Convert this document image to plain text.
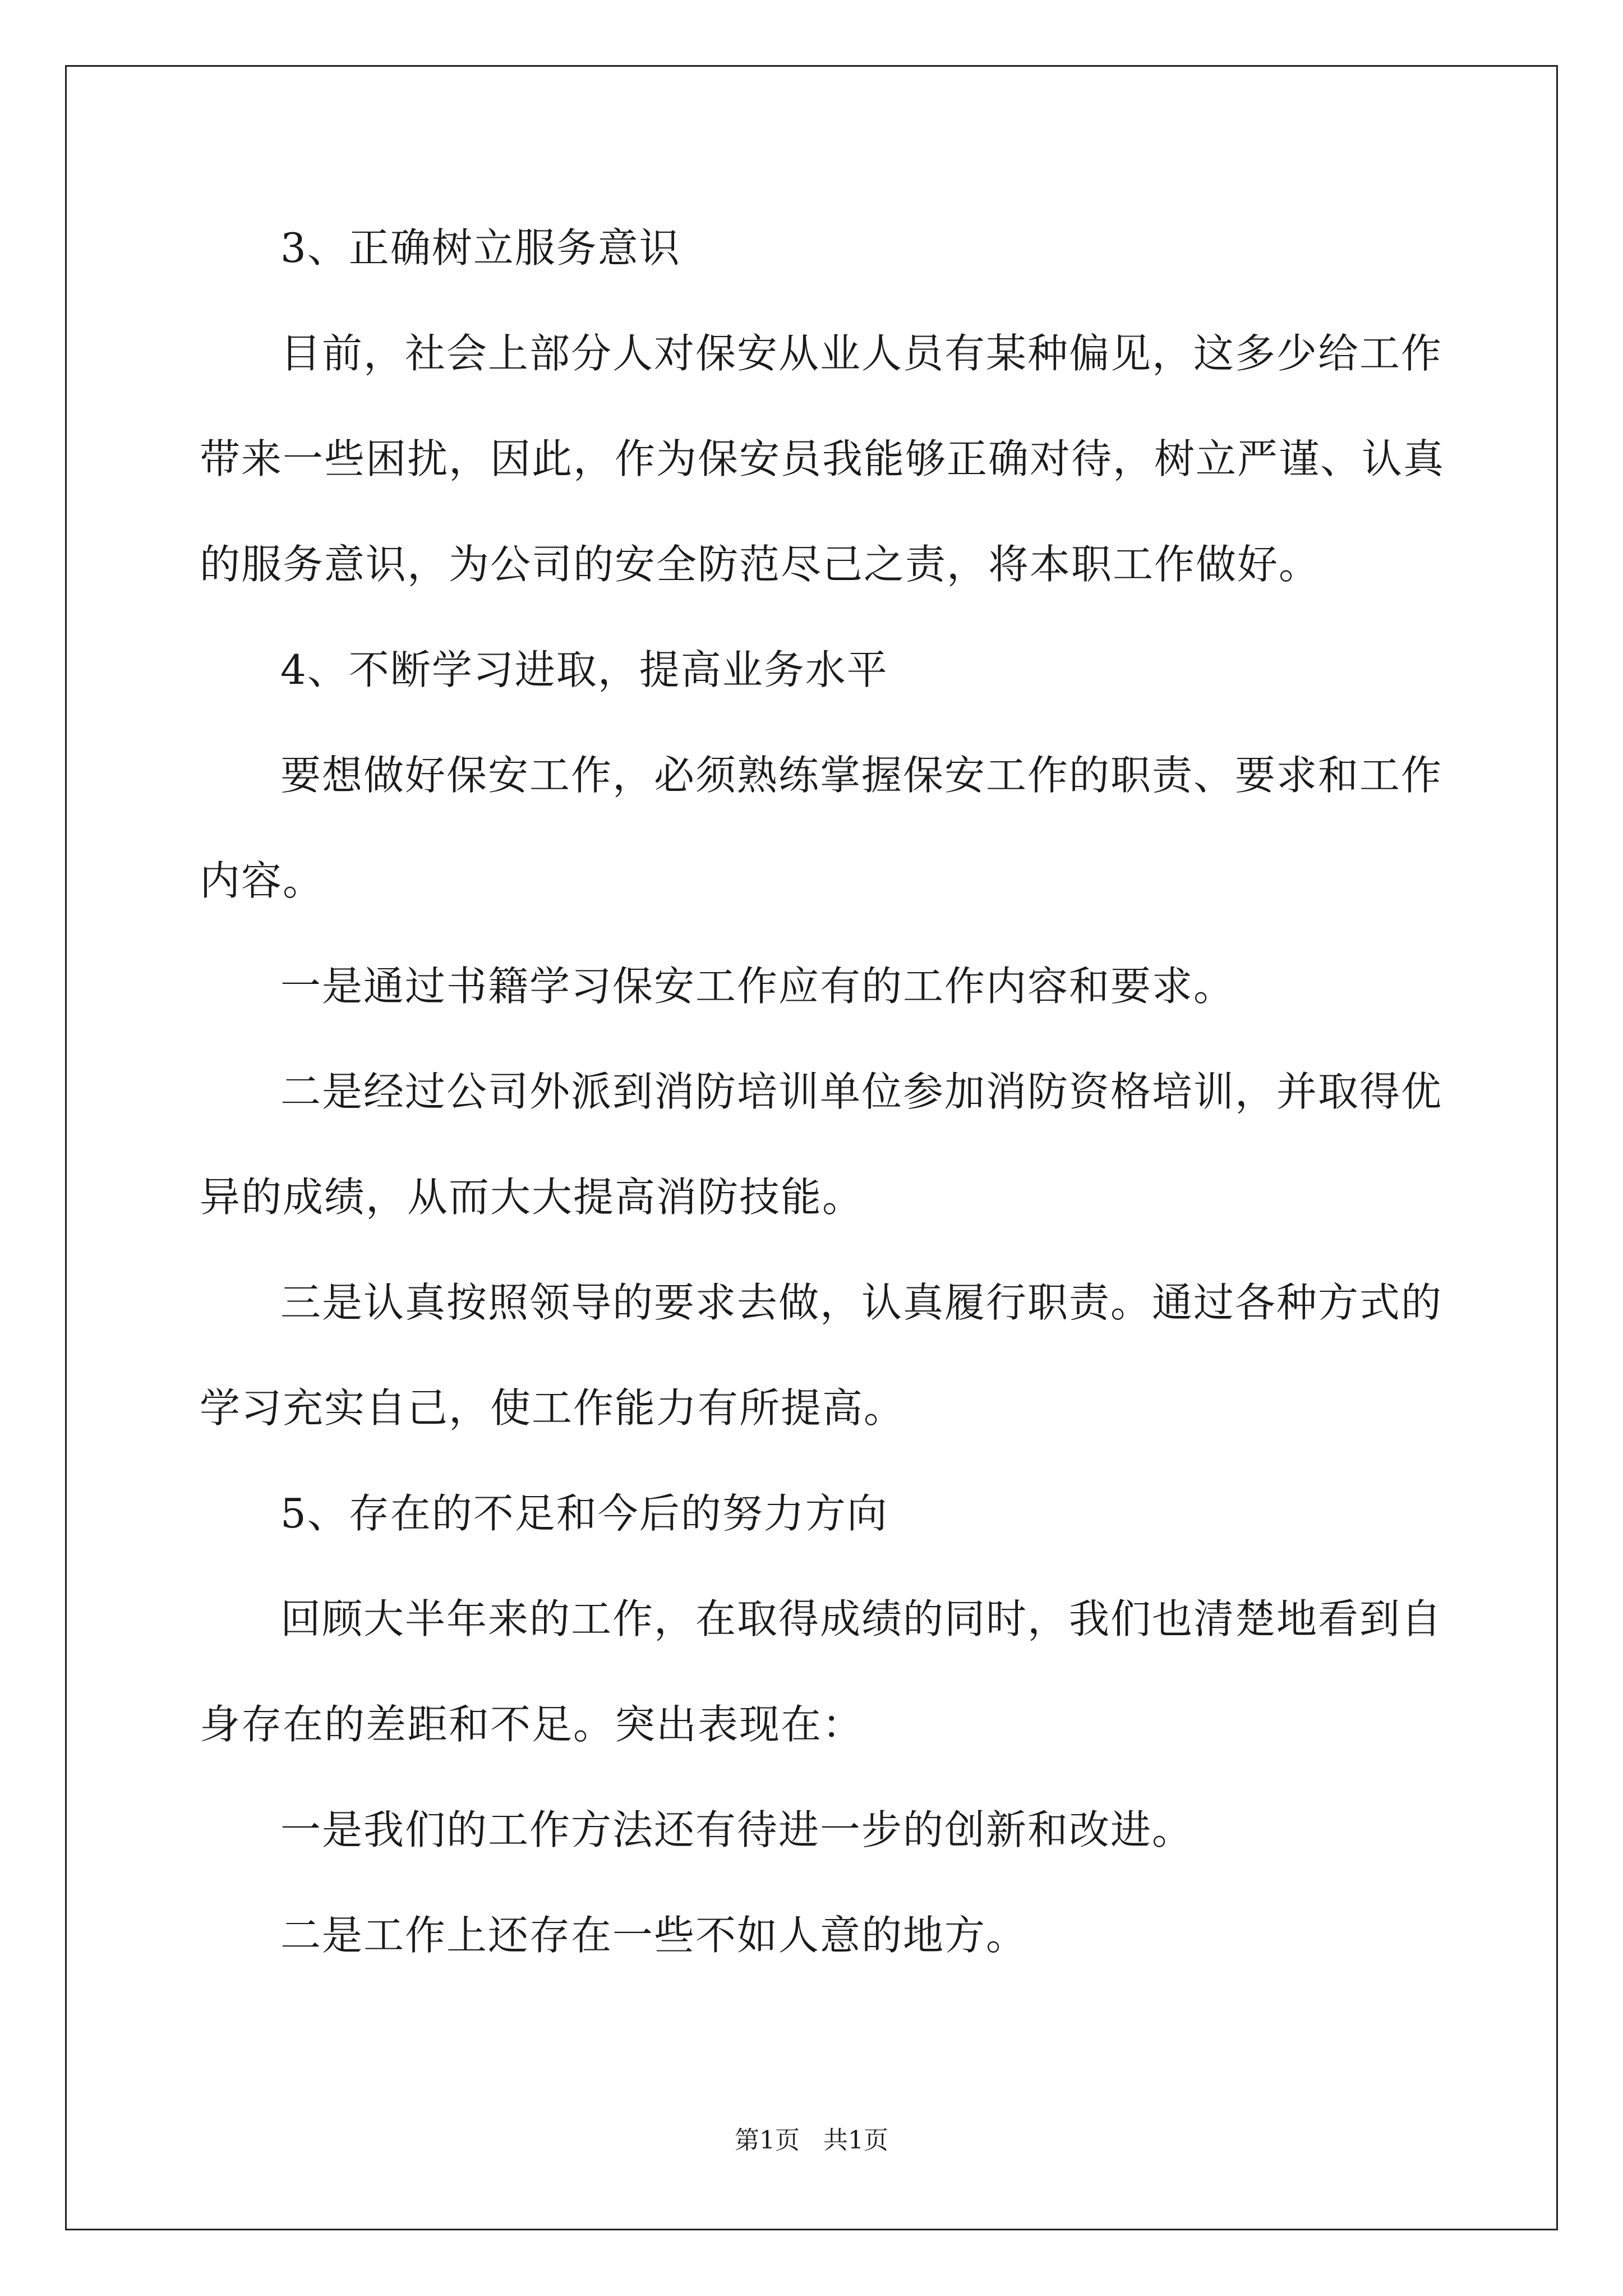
3、正确树立服务意识
目前，社会上部分人对保安从业人员有某种偏见，这多少给工作
带来一些困扰，因此，作为保安员我能够正确对待，树立严谨、认真
的服务意识，为公司的安全防范尽己之责，将本职工作做好。
4、不断学习进取，提高业务水平
要想做好保安工作，必须熟练掌握保安工作的职责、要求和工作
内容。
一是通过书籍学习保安工作应有的工作内容和要求。
二是经过公司外派到消防培训单位参加消防资格培训，并取得优
异的成绩，从而大大提高消防技能。
三是认真按照领导的要求去做，认真履行职责。通过各种方式的
学习充实自己，使工作能力有所提高。
5、存在的不足和今后的努力方向
回顾大半年来的工作，在取得成绩的同时，我们也清楚地看到自
身存在的差距和不足。突出表现在：
一是我们的工作方法还有待进一步的创新和改进。
二是工作上还存在一些不如人意的地方。
第1页   共1页
